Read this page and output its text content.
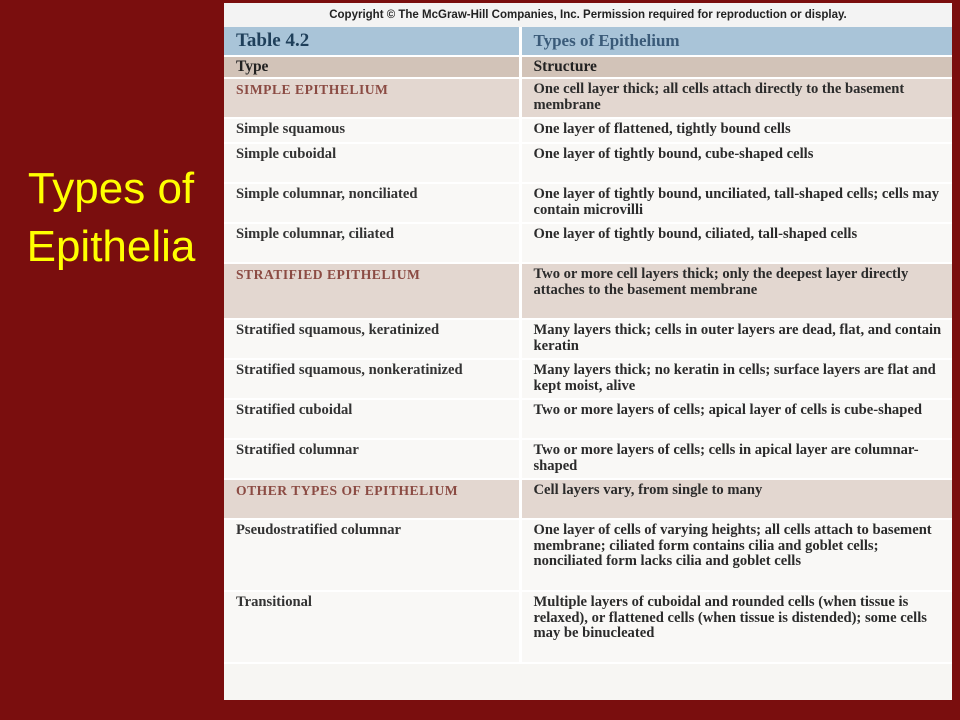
Types of
Epithelia
Copyright © The McGraw-Hill Companies, Inc. Permission required for reproduction or display.
Table 4.2	Types of Epithelium
Type	Structure

SIMPLE EPITHELIUM	One cell layer thick; all cells attach directly to the basement membrane

Simple squamous	One layer of flattened, tightly bound cells

Simple cuboidal	One layer of tightly bound, cube-shaped cells

Simple columnar, nonciliated	One layer of tightly bound, unciliated, tall-shaped cells; cells may contain microvilli

Simple columnar, ciliated	One layer of tightly bound, ciliated, tall-shaped cells

STRATIFIED EPITHELIUM	Two or more cell layers thick; only the deepest layer directly attaches to the basement membrane

Stratified squamous, keratinized	Many layers thick; cells in outer layers are dead, flat, and contain keratin

Stratified squamous, nonkeratinized	Many layers thick; no keratin in cells; surface layers are flat and kept moist, alive

Stratified cuboidal	Two or more layers of cells; apical layer of cells is cube-shaped

Stratified columnar	Two or more layers of cells; cells in apical layer are columnar-shaped

OTHER TYPES OF EPITHELIUM	Cell layers vary, from single to many

Pseudostratified columnar	One layer of cells of varying heights; all cells attach to basement membrane; ciliated form contains cilia and goblet cells; nonciliated form lacks cilia and goblet cells

Transitional	Multiple layers of cuboidal and rounded cells (when tissue is relaxed), or flattened cells (when tissue is distended); some cells may be binucleated
